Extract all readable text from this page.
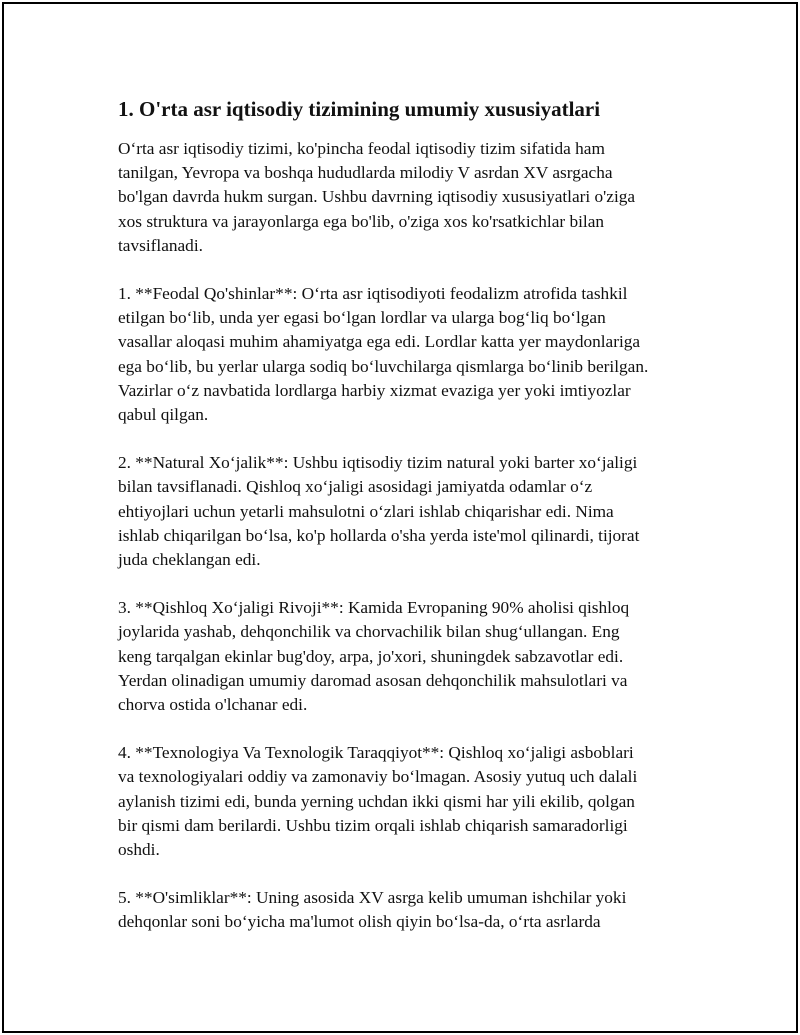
1. O'rta asr iqtisodiy tizimining umumiy xususiyatlari
O‘rta asr iqtisodiy tizimi, ko'pincha feodal iqtisodiy tizim sifatida ham
tanilgan, Yevropa va boshqa hududlarda milodiy V asrdan XV asrgacha
bo'lgan davrda hukm surgan. Ushbu davrning iqtisodiy xususiyatlari o'ziga
xos struktura va jarayonlarga ega bo'lib, o'ziga xos ko'rsatkichlar bilan
tavsiflanadi.
1. **Feodal Qo'shinlar**: O‘rta asr iqtisodiyoti feodalizm atrofida tashkil
etilgan bo‘lib, unda yer egasi bo‘lgan lordlar va ularga bog‘liq bo‘lgan
vasallar aloqasi muhim ahamiyatga ega edi. Lordlar katta yer maydonlariga
ega bo‘lib, bu yerlar ularga sodiq bo‘luvchilarga qismlarga bo‘linib berilgan.
Vazirlar o‘z navbatida lordlarga harbiy xizmat evaziga yer yoki imtiyozlar
qabul qilgan.
2. **Natural Xo‘jalik**: Ushbu iqtisodiy tizim natural yoki barter xo‘jaligi
bilan tavsiflanadi. Qishloq xo‘jaligi asosidagi jamiyatda odamlar o‘z
ehtiyojlari uchun yetarli mahsulotni o‘zlari ishlab chiqarishar edi. Nima
ishlab chiqarilgan bo‘lsa, ko'p hollarda o'sha yerda iste'mol qilinardi, tijorat
juda cheklangan edi.
3. **Qishloq Xo‘jaligi Rivoji**: Kamida Evropaning 90% aholisi qishloq
joylarida yashab, dehqonchilik va chorvachilik bilan shug‘ullangan. Eng
keng tarqalgan ekinlar bug'doy, arpa, jo'xori, shuningdek sabzavotlar edi.
Yerdan olinadigan umumiy daromad asosan dehqonchilik mahsulotlari va
chorva ostida o'lchanar edi.
4. **Texnologiya Va Texnologik Taraqqiyot**: Qishloq xo‘jaligi asboblari
va texnologiyalari oddiy va zamonaviy bo‘lmagan. Asosiy yutuq uch dalali
aylanish tizimi edi, bunda yerning uchdan ikki qismi har yili ekilib, qolgan
bir qismi dam berilardi. Ushbu tizim orqali ishlab chiqarish samaradorligi
oshdi.
5. **O'simliklar**: Uning asosida XV asrga kelib umuman ishchilar yoki
dehqonlar soni bo‘yicha ma'lumot olish qiyin bo‘lsa-da, o‘rta asrlarda
